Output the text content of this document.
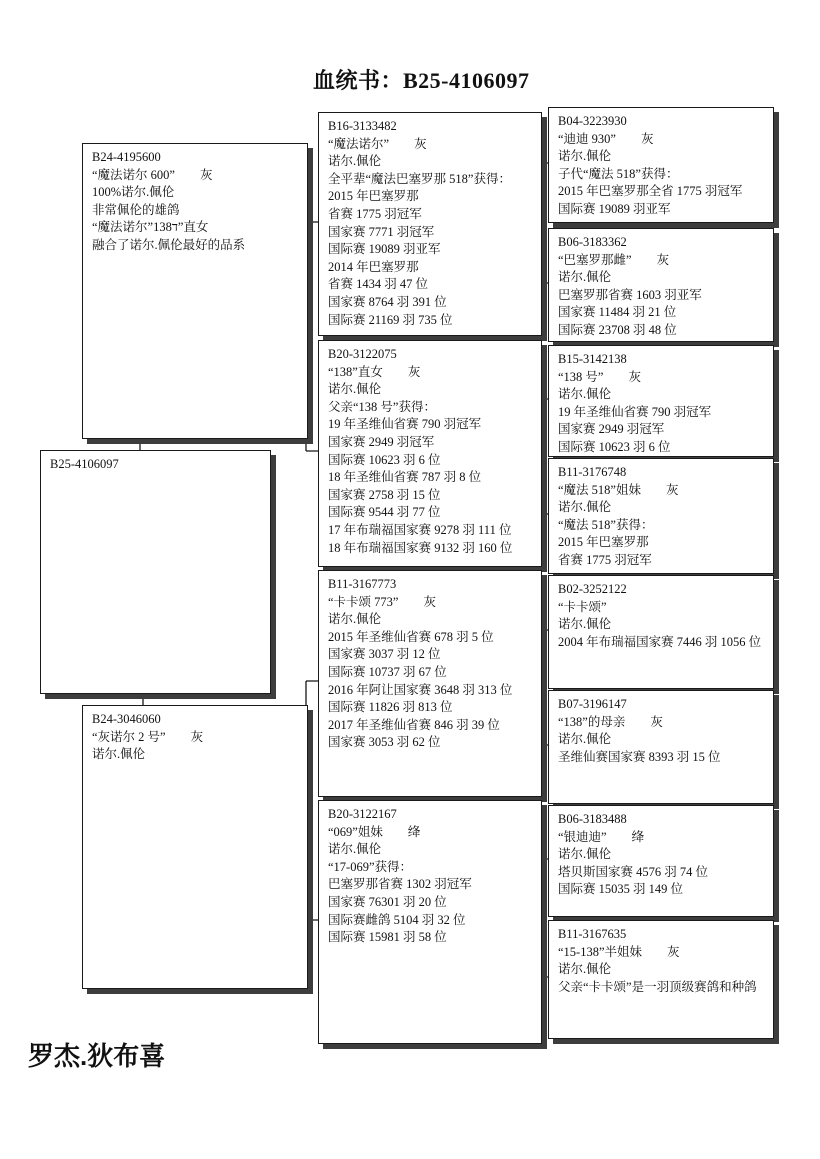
血统书：B25-4106097
B24-4195600
“魔法诺尔 600”　　灰
100%诺尔.佩伦
非常佩伦的雄鸽
“魔法诺尔”ד138”直女
融合了诺尔.佩伦最好的品系
B25-4106097
B24-3046060
“灰诺尔 2 号”　　灰
诺尔.佩伦
B16-3133482
“魔法诺尔”　　灰
诺尔.佩伦
全平辈“魔法巴塞罗那 518”获得：
2015 年巴塞罗那
省赛 1775 羽冠军
国家赛 7771 羽冠军
国际赛 19089 羽亚军
2014 年巴塞罗那
省赛 1434 羽 47 位
国家赛 8764 羽 391 位
国际赛 21169 羽 735 位
B20-3122075
“138”直女　　灰
诺尔.佩伦
父亲“138 号”获得：
19 年圣维仙省赛 790 羽冠军
国家赛 2949 羽冠军
国际赛 10623 羽 6 位
18 年圣维仙省赛 787 羽 8 位
国家赛 2758 羽 15 位
国际赛 9544 羽 77 位
17 年布瑞福国家赛 9278 羽 111 位
18 年布瑞福国家赛 9132 羽 160 位
B11-3167773
“卡卡颂 773”　　灰
诺尔.佩伦
2015 年圣维仙省赛 678 羽 5 位
国家赛 3037 羽 12 位
国际赛 10737 羽 67 位
2016 年阿让国家赛 3648 羽 313 位
国际赛 11826 羽 813 位
2017 年圣维仙省赛 846 羽 39 位
国家赛 3053 羽 62 位
B20-3122167
“069”姐妹　　绛
诺尔.佩伦
“17-069”获得：
巴塞罗那省赛 1302 羽冠军
国家赛 76301 羽 20 位
国际赛雌鸽 5104 羽 32 位
国际赛 15981 羽 58 位
B04-3223930
“迪迪 930”　　灰
诺尔.佩伦
子代“魔法 518”获得：
2015 年巴塞罗那全省 1775 羽冠军
国际赛 19089 羽亚军
B06-3183362
“巴塞罗那雌”　　灰
诺尔.佩伦
巴塞罗那省赛 1603 羽亚军
国家赛 11484 羽 21 位
国际赛 23708 羽 48 位
B15-3142138
“138 号”　　灰
诺尔.佩伦
19 年圣维仙省赛 790 羽冠军
国家赛 2949 羽冠军
国际赛 10623 羽 6 位
B11-3176748
“魔法 518”姐妹　　灰
诺尔.佩伦
“魔法 518”获得：
2015 年巴塞罗那
省赛 1775 羽冠军
B02-3252122
“卡卡颂”
诺尔.佩伦
2004 年布瑞福国家赛 7446 羽 1056 位
B07-3196147
“138”的母亲　　灰
诺尔.佩伦
圣维仙赛国家赛 8393 羽 15 位
B06-3183488
“银迪迪”　　绛
诺尔.佩伦
塔贝斯国家赛 4576 羽 74 位
国际赛 15035 羽 149 位
B11-3167635
“15-138”半姐妹　　灰
诺尔.佩伦
父亲“卡卡颂”是一羽顶级赛鸽和种鸽
罗杰.狄布喜
